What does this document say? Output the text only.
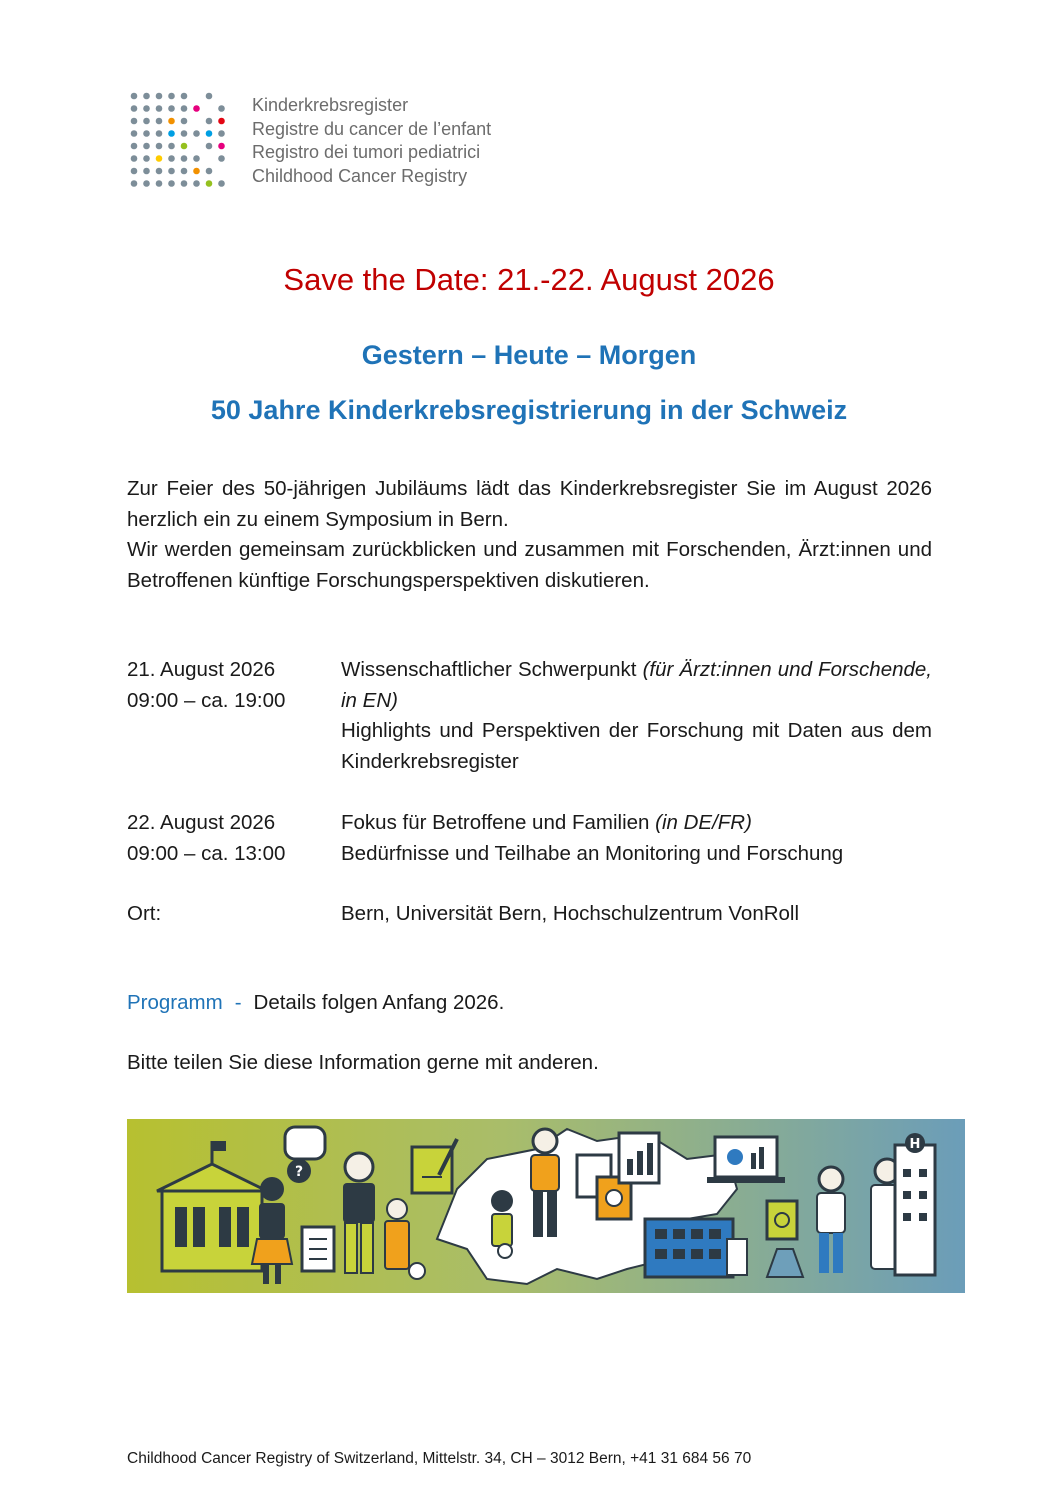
Kinderkrebsregister
Registre du cancer de l’enfant
Registro dei tumori pediatrici
Childhood Cancer Registry
Save the Date: 21.-22. August 2026
Gestern – Heute – Morgen
50 Jahre Kinderkrebsregistrierung in der Schweiz

Zur Feier des 50-jährigen Jubiläums lädt das Kinderkrebsregister Sie im August 2026 herzlich ein zu einem Symposium in Bern.

Wir werden gemeinsam zurückblicken und zusammen mit Forschenden, Ärzt:innen und Betroffenen künftige Forschungsperspektiven diskutieren.

21. August 2026
09:00 – ca. 19:00
Wissenschaftlicher Schwerpunkt (für Ärzt:innen und Forschende, in EN)
Highlights und Perspektiven der Forschung mit Daten aus dem Kinderkrebsregister
22. August 2026
09:00 – ca. 13:00
Fokus für Betroffene und Familien (in DE/FR)
Bedürfnisse und Teilhabe an Monitoring und Forschung
Ort:	Bern, Universität Bern, Hochschulzentrum VonRoll
Programm - Details folgen Anfang 2026.
Bitte teilen Sie diese Information gerne mit anderen.
?
H
Childhood Cancer Registry of Switzerland, Mittelstr. 34, CH – 3012 Bern, +41 31 684 56 70
